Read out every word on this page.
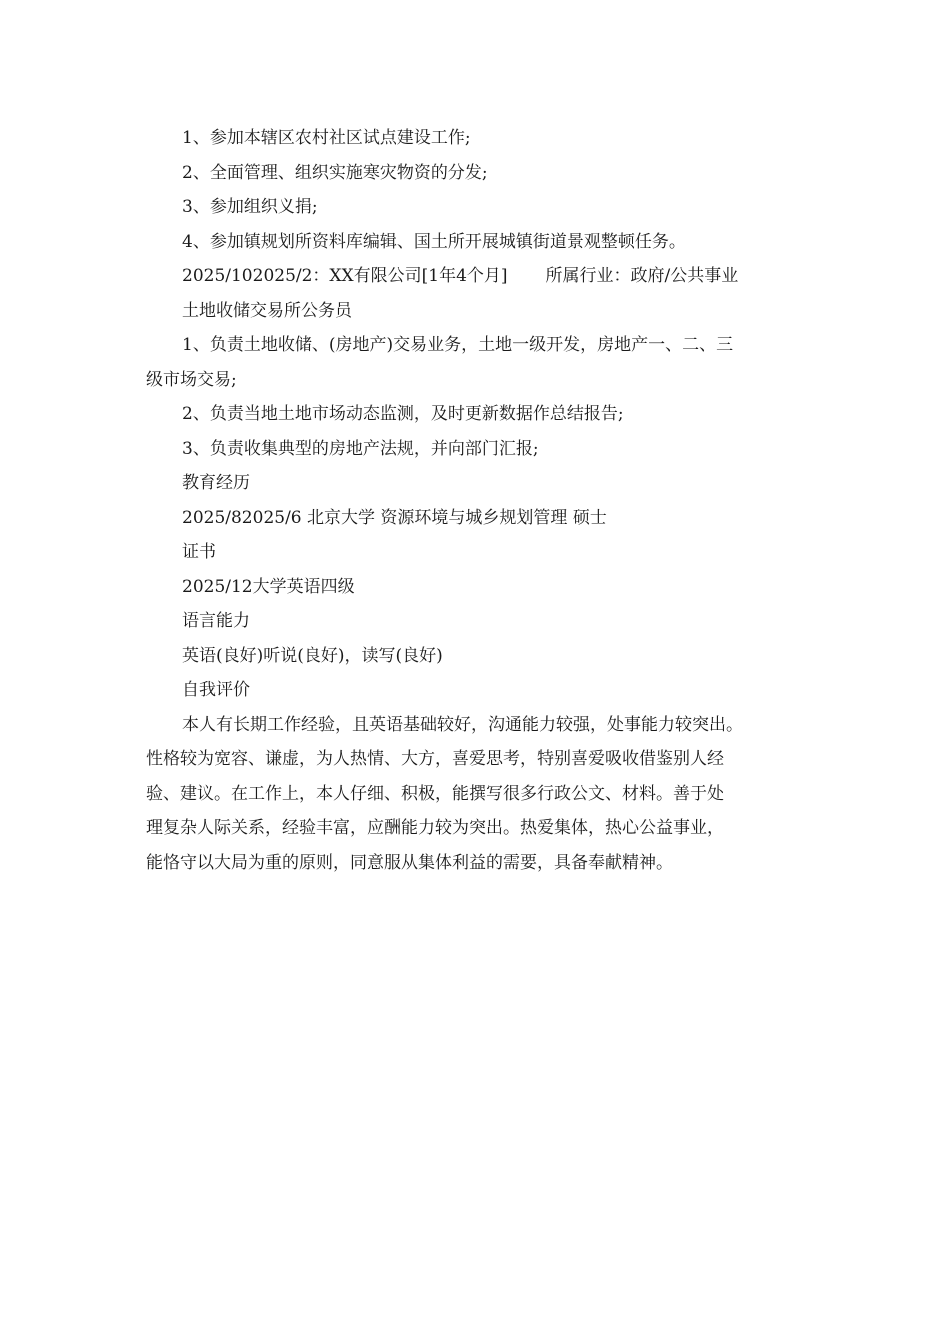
1、参加本辖区农村社区试点建设工作;

2、全面管理、组织实施寒灾物资的分发;

3、参加组织义捐;

4、参加镇规划所资料库编辑、国土所开展城镇街道景观整顿任务。

2025/102025/2：XX有限公司[1年4个月] 所属行业：政府/公共事业

土地收储交易所公务员

1、负责土地收储、(房地产)交易业务，土地一级开发，房地产一、二、三

级市场交易;

2、负责当地土地市场动态监测，及时更新数据作总结报告;

3、负责收集典型的房地产法规，并向部门汇报;

教育经历

2025/82025/6 北京大学 资源环境与城乡规划管理 硕士

证书

2025/12大学英语四级

语言能力

英语(良好)听说(良好)，读写(良好)

自我评价

本人有长期工作经验，且英语基础较好，沟通能力较强，处事能力较突出。

性格较为宽容、谦虚，为人热情、大方，喜爱思考，特别喜爱吸收借鉴别人经

验、建议。在工作上，本人仔细、积极，能撰写很多行政公文、材料。善于处

理复杂人际关系，经验丰富，应酬能力较为突出。热爱集体，热心公益事业，

能恪守以大局为重的原则，同意服从集体利益的需要，具备奉献精神。
